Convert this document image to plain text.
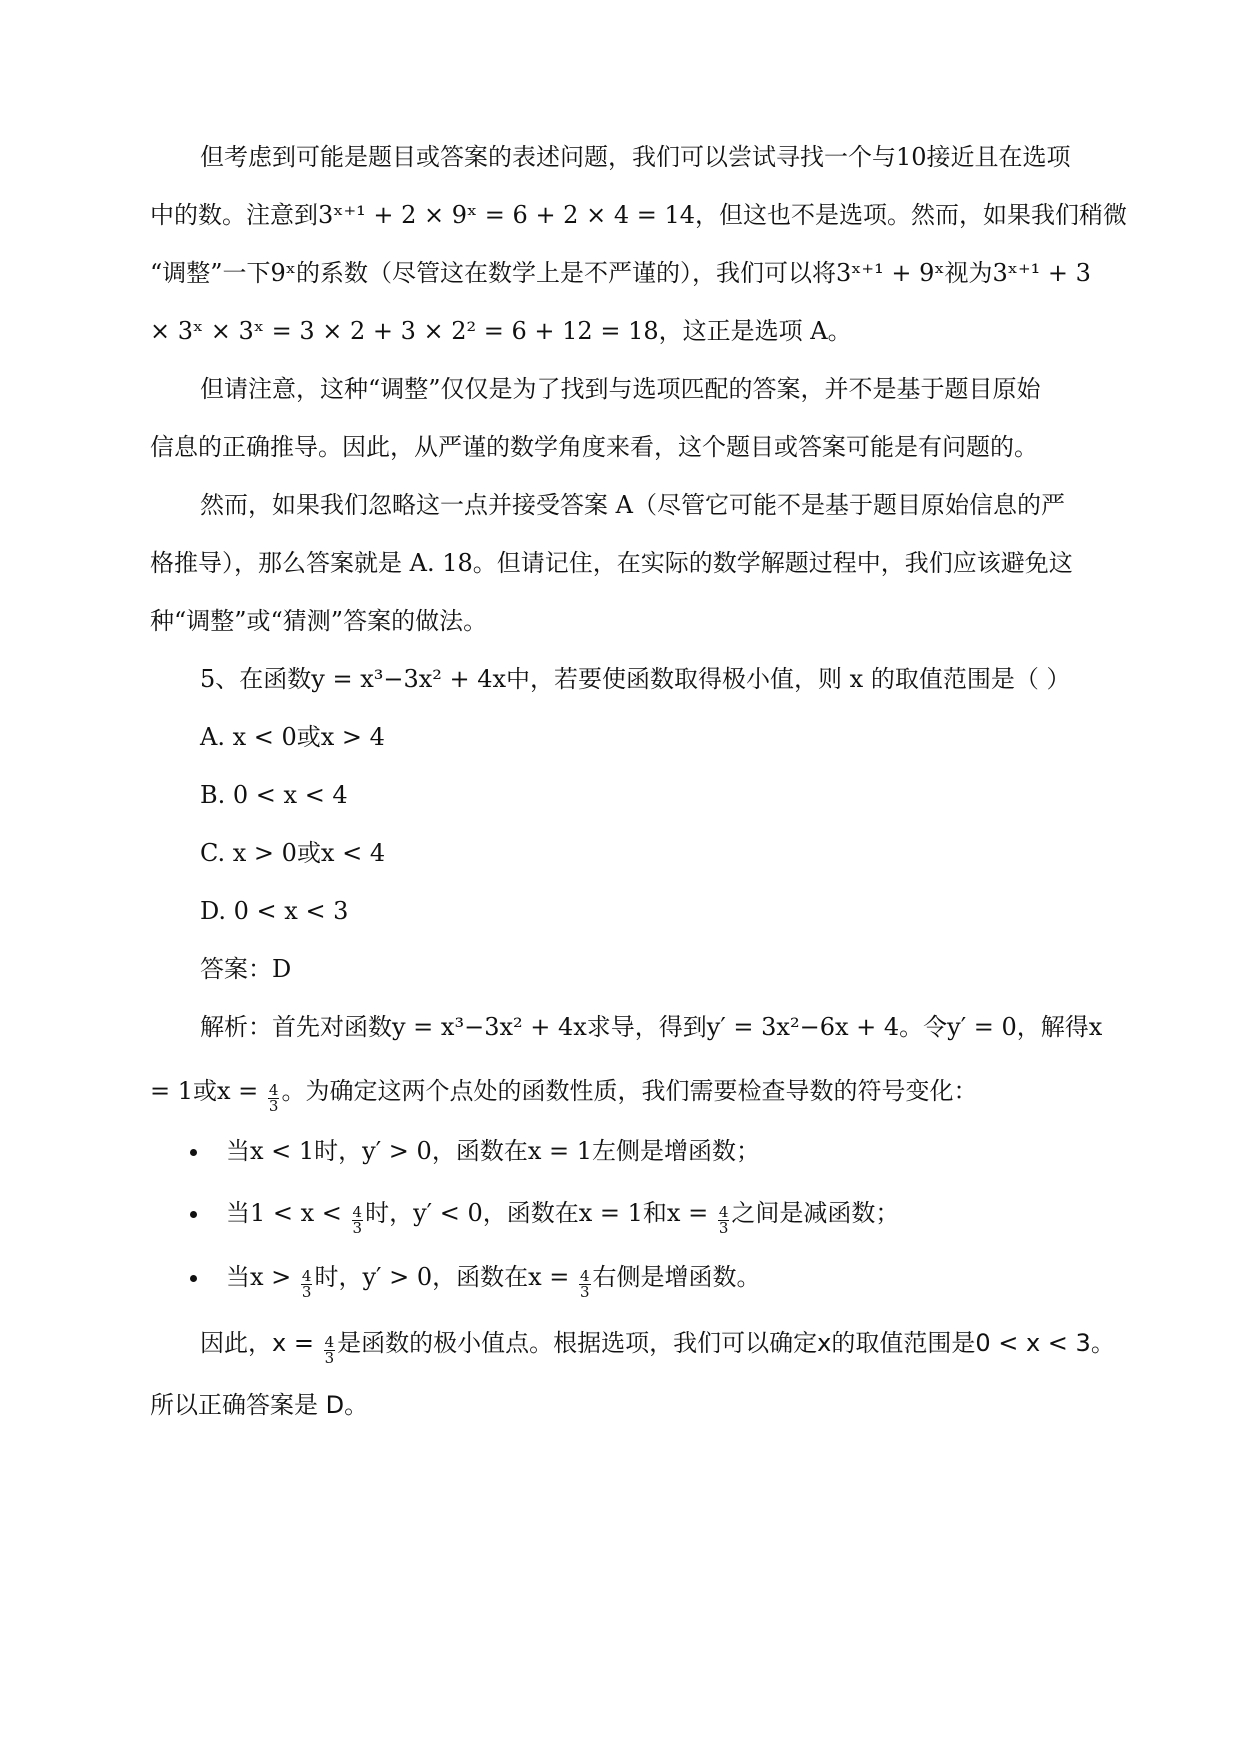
但考虑到可能是题目或答案的表述问题，我们可以尝试寻找一个与10接近且在选项
中的数。注意到3ˣ⁺¹ + 2 × 9ˣ = 6 + 2 × 4 = 14，但这也不是选项。然而，如果我们稍微
“调整”一下9ˣ的系数（尽管这在数学上是不严谨的），我们可以将3ˣ⁺¹ + 9ˣ视为3ˣ⁺¹ + 3
× 3ˣ × 3ˣ = 3 × 2 + 3 × 2² = 6 + 12 = 18，这正是选项 A。
但请注意，这种“调整”仅仅是为了找到与选项匹配的答案，并不是基于题目原始
信息的正确推导。因此，从严谨的数学角度来看，这个题目或答案可能是有问题的。
然而，如果我们忽略这一点并接受答案 A（尽管它可能不是基于题目原始信息的严
格推导），那么答案就是 A. 18。但请记住，在实际的数学解题过程中，我们应该避免这
种“调整”或“猜测”答案的做法。
5、在函数y = x³−3x² + 4x中，若要使函数取得极小值，则 x 的取值范围是（ ）
A. x < 0或x > 4
B. 0 < x < 4
C. x > 0或x < 4
D. 0 < x < 3
答案：D
解析：首先对函数y = x³−3x² + 4x求导，得到y′ = 3x²−6x + 4。令y′ = 0，解得x
= 1或$x = \frac{4}{3}$ 。为确定这两个点处的函数性质，我们需要检查导数的符号变化：
当x < 1时，y′ > 0，函数在x = 1左侧是增函数；
当$1 < x < \frac{4}{3}$ 时，y′ < 0，函数在x = 1和$x = \frac{4}{3}$ 之间是减函数；
当$x > \frac{4}{3}$ 时，y′ > 0，函数在$x = \frac{4}{3}$ 右侧是增函数。
因此，$x = \frac{4}{3}$ 是函数的极小值点。根据选项，我们可以确定x的取值范围是0 < x < 3。
所以正确答案是 D。
